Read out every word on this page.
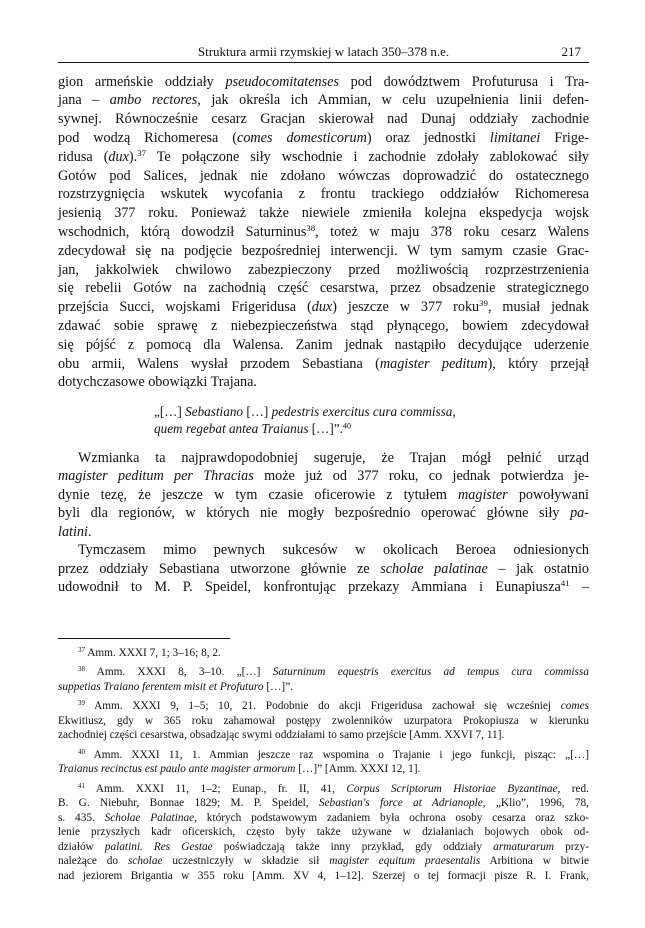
Struktura armii rzymskiej w latach 350–378 n.e.	217
gion armeńskie oddziały pseudocomitatenses pod dowództwem Profuturusa i Tra-
jana – ambo rectores, jak określa ich Ammian, w celu uzupełnienia linii defen-
sywnej. Równocześnie cesarz Gracjan skierował nad Dunaj oddziały zachodnie
pod wodzą Richomeresa (comes domesticorum) oraz jednostki limitanei Frige-
ridusa (dux).$^{37}$ Te połączone siły wschodnie i zachodnie zdołały zablokować siły
Gotów pod Salices, jednak nie zdołano wówczas doprowadzić do ostatecznego
rozstrzygnięcia wskutek wycofania z frontu trackiego oddziałów Richomeresa
jesienią 377 roku. Ponieważ także niewiele zmieniła kolejna ekspedycja wojsk
wschodnich, którą dowodził Saturninus$^{38}$, toteż w maju 378 roku cesarz Walens
zdecydował się na podjęcie bezpośredniej interwencji. W tym samym czasie Grac-
jan, jakkolwiek chwilowo zabezpieczony przed możliwością rozprzestrzenienia
się rebelii Gotów na zachodnią część cesarstwa, przez obsadzenie strategicznego
przejścia Succi, wojskami Frigeridusa (dux) jeszcze w 377 roku$^{39}$, musiał jednak
zdawać sobie sprawę z niebezpieczeństwa stąd płynącego, bowiem zdecydował
się pójść z pomocą dla Walensa. Zanim jednak nastąpiło decydujące uderzenie
obu armii, Walens wysłał przodem Sebastiana (magister peditum), który przejął
dotychczasowe obowiązki Trajana.
Wzmianka ta najprawdopodobniej sugeruje, że Trajan mógł pełnić urząd
magister peditum per Thracias może już od 377 roku, co jednak potwierdza je-
dynie tezę, że jeszcze w tym czasie oficerowie z tytułem magister powoływani
byli dla regionów, w których nie mogły bezpośrednio operować główne siły pa-
latini.
Tymczasem mimo pewnych sukcesów w okolicach Beroea odniesionych
przez oddziały Sebastiana utworzone głównie ze scholae palatinae – jak ostatnio
udowodnił to M. P. Speidel, konfrontując przekazy Ammiana i Eunapiusza$^{41}$ –
„[…] Sebastiano […] pedestris exercitus cura commissa,
quem regebat antea Traianus […]”.$^{40}$
$^{37}$ Amm. XXXI 7, 1; 3–16; 8, 2.
$^{38}$ Amm. XXXI 8, 3–10. „[…] Saturninum equestris exercitus ad tempus cura commissa
suppetias Traiano ferentem misit et Profuturo […]”.
$^{39}$ Amm. XXXI 9, 1–5; 10, 21. Podobnie do akcji Frigeridusa zachował się wcześniej comes
Ekwitiusz, gdy w 365 roku zahamował postępy zwolenników uzurpatora Prokopiusza w kierunku
zachodniej części cesarstwa, obsadzając swymi oddziałami to samo przejście [Amm. XXVI 7, 11].
$^{40}$ Amm. XXXI 11, 1. Ammian jeszcze raz wspomina o Trajanie i jego funkcji, pisząc: „[…]
Traianus recinctus est paulo ante magister armorum […]” [Amm. XXXI 12, 1].
$^{41}$ Amm. XXXI 11, 1–2; Eunap., fr. II, 41, Corpus Scriptorum Historiae Byzantinae, red.
B. G. Niebuhr, Bonnae 1829; M. P. Speidel, Sebastian's force at Adrianople, „Klio”, 1996, 78,
s. 435. Scholae Palatinae, których podstawowym zadaniem była ochrona osoby cesarza oraz szko-
lenie przyszłych kadr oficerskich, często były także używane w działaniach bojowych obok od-
działów palatini. Res Gestae poświadczają także inny przykład, gdy oddziały armaturarum przy-
należące do scholae uczestniczyły w składzie sił magister equitum praesentalis Arbitiona w bitwie
nad jeziorem Brigantia w 355 roku [Amm. XV 4, 1–12]. Szerzej o tej formacji pisze R. I. Frank,
